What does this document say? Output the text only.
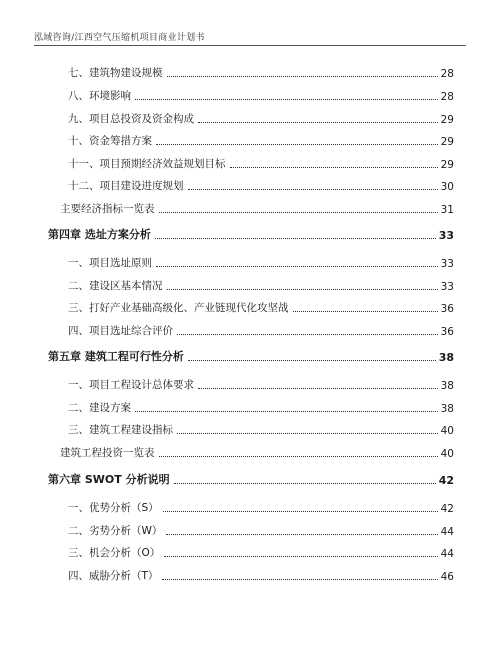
泓域咨询/江西空气压缩机项目商业计划书
七、建筑物建设规模	28
八、环境影响	28
九、项目总投资及资金构成	29
十、资金筹措方案	29
十一、项目预期经济效益规划目标	29
十二、项目建设进度规划	30
主要经济指标一览表	31
第四章 选址方案分析	33
一、项目选址原则	33
二、建设区基本情况	33
三、打好产业基础高级化、产业链现代化攻坚战	36
四、项目选址综合评价	36
第五章 建筑工程可行性分析	38
一、项目工程设计总体要求	38
二、建设方案	38
三、建筑工程建设指标	40
建筑工程投资一览表	40
第六章 SWOT 分析说明	42
一、优势分析（S）	42
二、劣势分析（W）	44
三、机会分析（O）	44
四、威胁分析（T）	46
